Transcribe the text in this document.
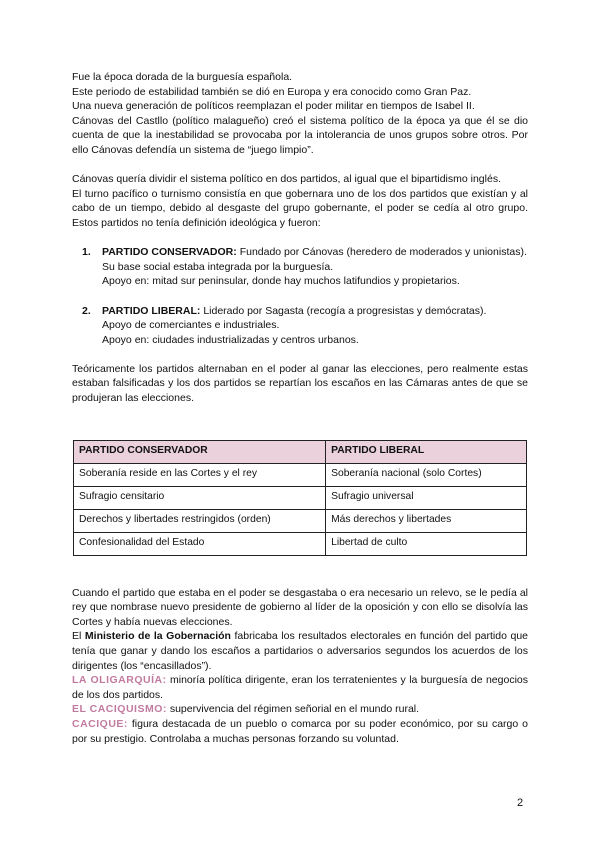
Fue la época dorada de la burguesía española.

Este periodo de estabilidad también se dió en Europa y era conocido como Gran Paz.

Una nueva generación de políticos reemplazan el poder militar en tiempos de Isabel II.

Cánovas del Castllo (político malagueño) creó el sistema político de la época ya que él se dio cuenta de que la inestabilidad se provocaba por la intolerancia de unos grupos sobre otros. Por ello Cánovas defendía un sistema de “juego limpio”.

Cánovas quería dividir el sistema político en dos partidos, al igual que el bipartidismo inglés.

El turno pacífico o turnismo consistía en que gobernara uno de los dos partidos que existían y al cabo de un tiempo, debido al desgaste del grupo gobernante, el poder se cedía al otro grupo. Estos partidos no tenía definición ideológica y fueron:

1. PARTIDO CONSERVADOR: Fundado por Cánovas (heredero de moderados y unionistas).
Su base social estaba integrada por la burguesía.
Apoyo en: mitad sur peninsular, donde hay muchos latifundios y propietarios.
2. PARTIDO LIBERAL: Liderado por Sagasta (recogía a progresistas y demócratas).
Apoyo de comerciantes e industriales.
Apoyo en: ciudades industrializadas y centros urbanos.

Teóricamente los partidos alternaban en el poder al ganar las elecciones, pero realmente estas estaban falsificadas y los dos partidos se repartían los escaños en las Cámaras antes de que se produjeran las elecciones.

PARTIDO CONSERVADOR	PARTIDO LIBERAL
Soberanía reside en las Cortes y el rey	Soberanía nacional (solo Cortes)
Sufragio censitario	Sufragio universal
Derechos y libertades restringidos (orden)	Más derechos y libertades
Confesionalidad del Estado	Libertad de culto

Cuando el partido que estaba en el poder se desgastaba o era necesario un relevo, se le pedía al rey que nombrase nuevo presidente de gobierno al líder de la oposición y con ello se disolvía las Cortes y había nuevas elecciones.

El Ministerio de la Gobernación fabricaba los resultados electorales en función del partido que tenía que ganar y dando los escaños a partidarios o adversarios segundos los acuerdos de los dirigentes (los “encasillados”).

LA OLIGARQUÍA: minoría política dirigente, eran los terratenientes y la burguesía de negocios de los dos partidos.

EL CACIQUISMO: supervivencia del régimen señorial en el mundo rural.

CACIQUE: figura destacada de un pueblo o comarca por su poder económico, por su cargo o por su prestigio. Controlaba a muchas personas forzando su voluntad.

2
